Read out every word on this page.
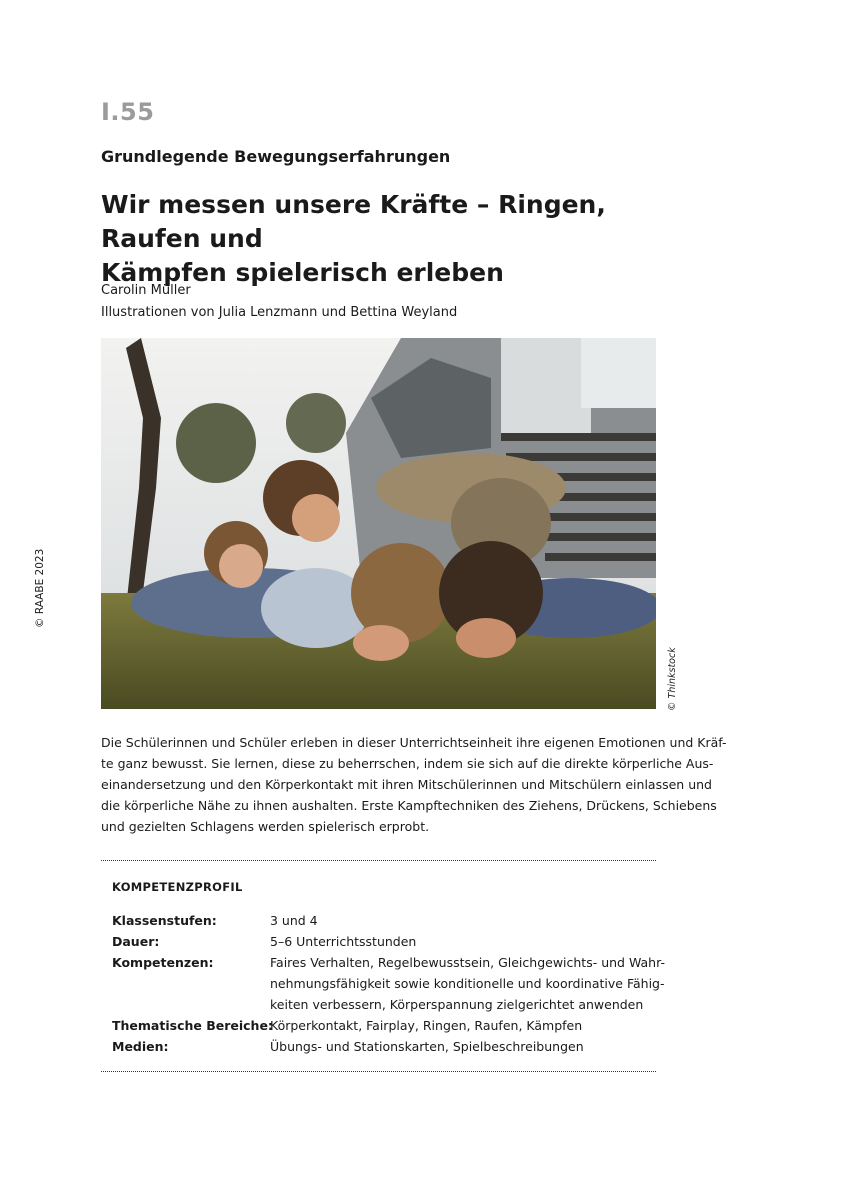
I.55
Grundlegende Bewegungserfahrungen
Wir messen unsere Kräfte – Ringen, Raufen und
Kämpfen spielerisch erleben
Carolin Müller
Illustrationen von Julia Lenzmann und Bettina Weyland
© RAABE 2023
© Thinkstock

Die Schülerinnen und Schüler erleben in dieser Unterrichtseinheit ihre eigenen Emotionen und Kräf-
te ganz bewusst. Sie lernen, diese zu beherrschen, indem sie sich auf die direkte körperliche Aus-
einandersetzung und den Körperkontakt mit ihren Mitschülerinnen und Mitschülern einlassen und
die körperliche Nähe zu ihnen aushalten. Erste Kampftechniken des Ziehens, Drückens, Schiebens
und gezielten Schlagens werden spielerisch erprobt.

KOMPETENZPROFIL
Klassenstufen:	3 und 4
Dauer:	5–6 Unterrichtsstunden
Kompetenzen:	Faires Verhalten, Regelbewusstsein, Gleichgewichts- und Wahr-
nehmungsfähigkeit sowie konditionelle und koordinative Fähig-
keiten verbessern, Körperspannung zielgerichtet anwenden
Thematische Bereiche:
Körperkontakt, Fairplay, Ringen, Raufen, Kämpfen
Medien:	Übungs- und Stationskarten, Spielbeschreibungen
